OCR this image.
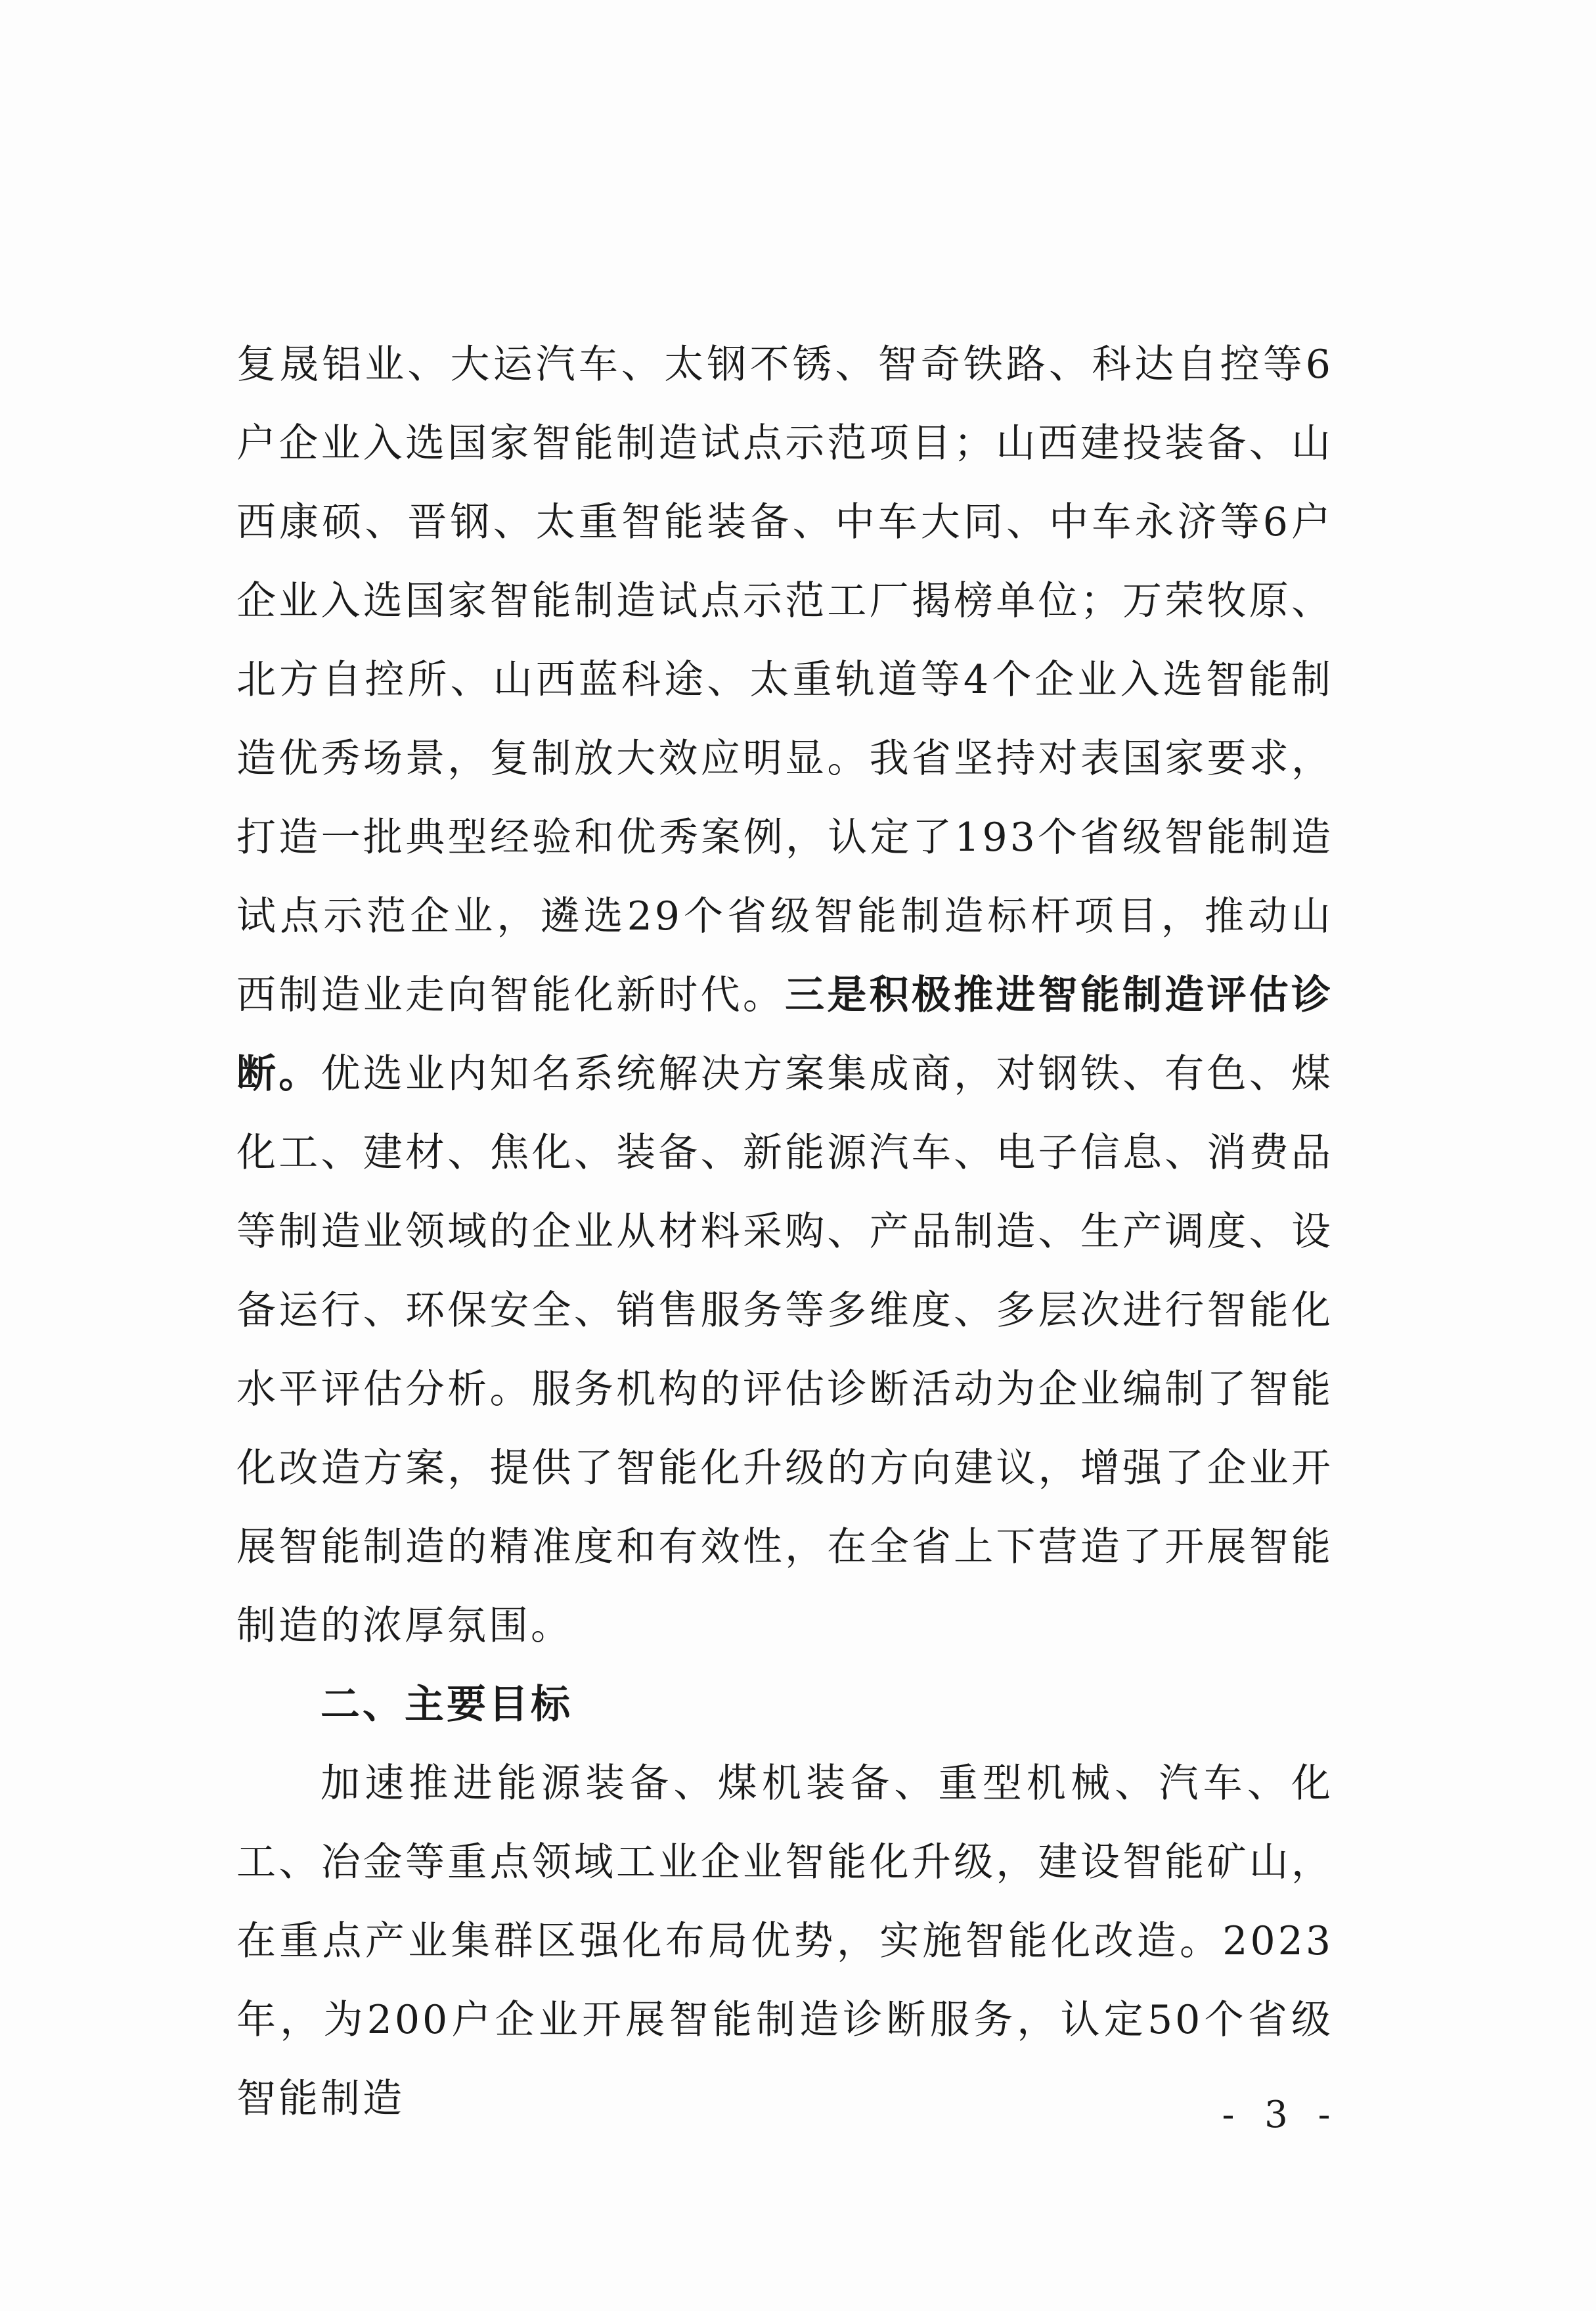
复晟铝业、大运汽车、太钢不锈、智奇铁路、科达自控等6户企业入选国家智能制造试点示范项目；山西建投装备、山西康硕、晋钢、太重智能装备、中车大同、中车永济等6户企业入选国家智能制造试点示范工厂揭榜单位；万荣牧原、北方自控所、山西蓝科途、太重轨道等4个企业入选智能制造优秀场景，复制放大效应明显。我省坚持对表国家要求，打造一批典型经验和优秀案例，认定了193个省级智能制造试点示范企业，遴选29个省级智能制造标杆项目，推动山西制造业走向智能化新时代。三是积极推进智能制造评估诊断。优选业内知名系统解决方案集成商，对钢铁、有色、煤化工、建材、焦化、装备、新能源汽车、电子信息、消费品等制造业领域的企业从材料采购、产品制造、生产调度、设备运行、环保安全、销售服务等多维度、多层次进行智能化水平评估分析。服务机构的评估诊断活动为企业编制了智能化改造方案，提供了智能化升级的方向建议，增强了企业开展智能制造的精准度和有效性，在全省上下营造了开展智能制造的浓厚氛围。

二、主要目标

加速推进能源装备、煤机装备、重型机械、汽车、化工、冶金等重点领域工业企业智能化升级，建设智能矿山，在重点产业集群区强化布局优势，实施智能化改造。2023年，为200户企业开展智能制造诊断服务，认定50个省级智能制造	- 3 -
